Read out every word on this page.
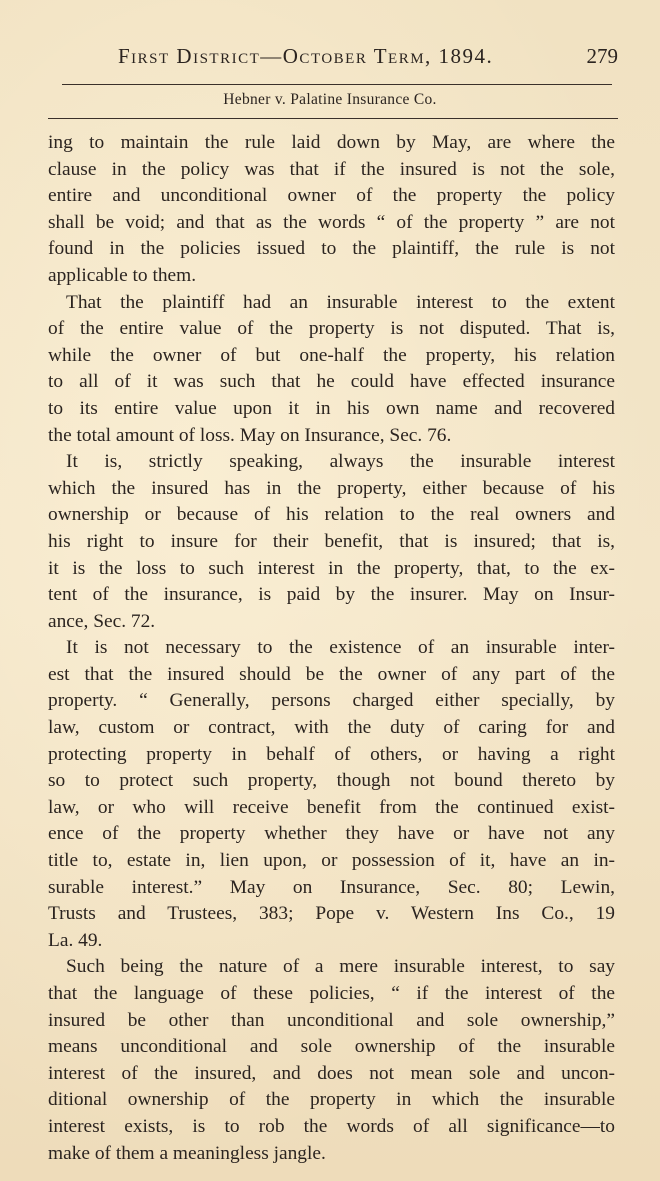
First District—October Term, 1894.	279
Hebner v. Palatine Insurance Co.
ing to maintain the rule laid down by May, are where the
clause in the policy was that if the insured is not the sole,
entire and unconditional owner of the property the policy
shall be void; and that as the words “ of the property ” are not
found in the policies issued to the plaintiff, the rule is not
applicable to them.
That the plaintiff had an insurable interest to the extent
of the entire value of the property is not disputed. That is,
while the owner of but one-half the property, his relation
to all of it was such that he could have effected insurance
to its entire value upon it in his own name and recovered
the total amount of loss. May on Insurance, Sec. 76.
It is, strictly speaking, always the insurable interest
which the insured has in the property, either because of his
ownership or because of his relation to the real owners and
his right to insure for their benefit, that is insured; that is,
it is the loss to such interest in the property, that, to the ex-
tent of the insurance, is paid by the insurer. May on Insur-
ance, Sec. 72.
It is not necessary to the existence of an insurable inter-
est that the insured should be the owner of any part of the
property. “ Generally, persons charged either specially, by
law, custom or contract, with the duty of caring for and
protecting property in behalf of others, or having a right
so to protect such property, though not bound thereto by
law, or who will receive benefit from the continued exist-
ence of the property whether they have or have not any
title to, estate in, lien upon, or possession of it, have an in-
surable interest.” May on Insurance, Sec. 80; Lewin,
Trusts and Trustees, 383; Pope v. Western Ins Co., 19
La. 49.
Such being the nature of a mere insurable interest, to say
that the language of these policies, “ if the interest of the
insured be other than unconditional and sole ownership,”
means unconditional and sole ownership of the insurable
interest of the insured, and does not mean sole and uncon-
ditional ownership of the property in which the insurable
interest exists, is to rob the words of all significance—to
make of them a meaningless jangle.
